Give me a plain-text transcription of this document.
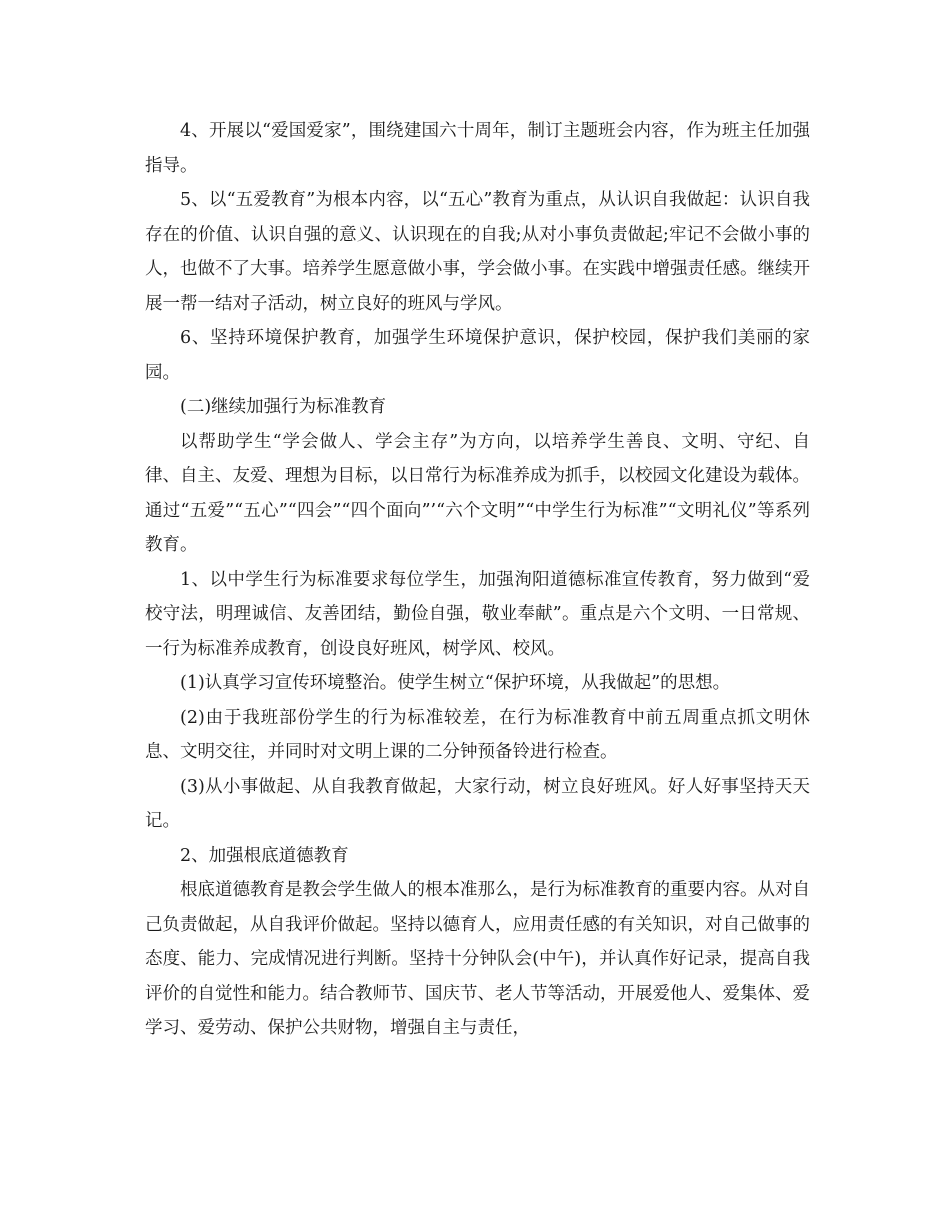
4、开展以“爱国爱家”，围绕建国六十周年，制订主题班会内容，作为班主任加强指导。

5、以“五爱教育”为根本内容，以“五心”教育为重点，从认识自我做起：认识自我存在的价值、认识自强的意义、认识现在的自我;从对小事负责做起;牢记不会做小事的人，也做不了大事。培养学生愿意做小事，学会做小事。在实践中增强责任感。继续开展一帮一结对子活动，树立良好的班风与学风。

6、坚持环境保护教育，加强学生环境保护意识，保护校园，保护我们美丽的家园。

(二)继续加强行为标准教育

以帮助学生“学会做人、学会主存”为方向，以培养学生善良、文明、守纪、自律、自主、友爱、理想为目标，以日常行为标准养成为抓手，以校园文化建设为载体。通过“五爱”“五心”“四会”“四个面向”’“六个文明”“中学生行为标准”“文明礼仪”等系列教育。

1、以中学生行为标准要求每位学生，加强洵阳道德标准宣传教育，努力做到“爱校守法，明理诚信、友善团结，勤俭自强，敬业奉献”。重点是六个文明、一日常规、一行为标准养成教育，创设良好班风，树学风、校风。

(1)认真学习宣传环境整治。使学生树立“保护环境，从我做起”的思想。

(2)由于我班部份学生的行为标准较差，在行为标准教育中前五周重点抓文明休息、文明交往，并同时对文明上课的二分钟预备铃进行检查。

(3)从小事做起、从自我教育做起，大家行动，树立良好班风。好人好事坚持天天记。

2、加强根底道德教育

根底道德教育是教会学生做人的根本准那么，是行为标准教育的重要内容。从对自己负责做起，从自我评价做起。坚持以德育人，应用责任感的有关知识，对自己做事的态度、能力、完成情况进行判断。坚持十分钟队会(中午)，并认真作好记录，提高自我评价的自觉性和能力。结合教师节、国庆节、老人节等活动，开展爱他人、爱集体、爱学习、爱劳动、保护公共财物，增强自主与责任，
